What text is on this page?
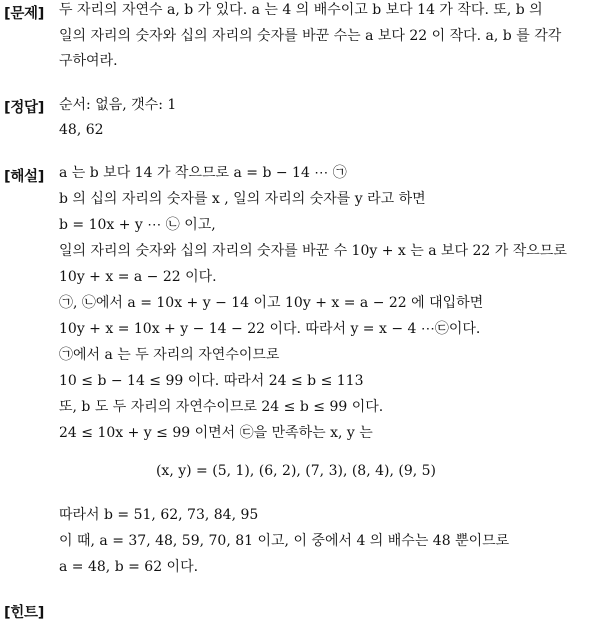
[문제] 두 자리의 자연수 a, b 가 있다. a 는 4 의 배수이고 b 보다 14 가 작다. 또, b 의
일의 자리의 숫자와 십의 자리의 숫자를 바꾼 수는 a 보다 22 이 작다. a, b 를 각각
구하여라.
[정답] 순서: 없음, 갯수: 1
48, 62
[해설] a 는 b 보다 14 가 작으므로 a = b − 14 ⋯ ㉠
b 의 십의 자리의 숫자를 x , 일의 자리의 숫자를 y 라고 하면
b = 10x + y ⋯ ㉡ 이고,
일의 자리의 숫자와 십의 자리의 숫자를 바꾼 수 10y + x 는 a 보다 22 가 작으므로
10y + x = a − 22 이다.
㉠, ㉡에서 a = 10x + y − 14 이고 10y + x = a − 22 에 대입하면
10y + x = 10x + y − 14 − 22 이다. 따라서 y = x − 4 ⋯㉢이다.
㉠에서 a 는 두 자리의 자연수이므로
10 ≤ b − 14 ≤ 99 이다. 따라서 24 ≤ b ≤ 113
또, b 도 두 자리의 자연수이므로 24 ≤ b ≤ 99 이다.
24 ≤ 10x + y ≤ 99 이면서 ㉢을 만족하는 x, y 는
(x, y) = (5, 1), (6, 2), (7, 3), (8, 4), (9, 5)
따라서 b = 51, 62, 73, 84, 95
이 때, a = 37, 48, 59, 70, 81 이고, 이 중에서 4 의 배수는 48 뿐이므로
a = 48, b = 62 이다.
[힌트]
